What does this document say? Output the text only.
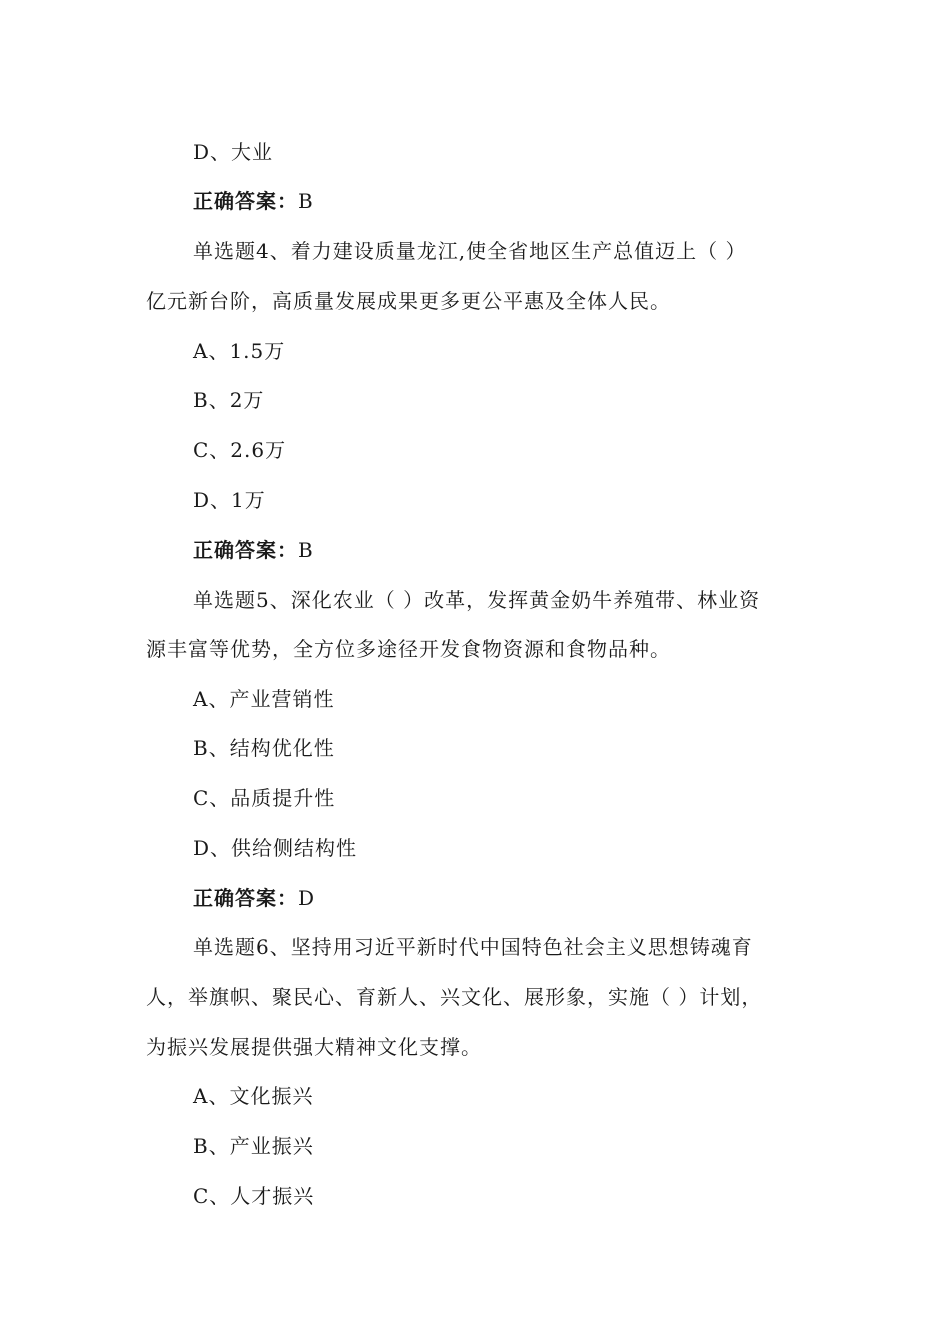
D、大业
正确答案：B
单选题4、着力建设质量龙江,使全省地区生产总值迈上（ ）
亿元新台阶，高质量发展成果更多更公平惠及全体人民。
A、1.5万
B、2万
C、2.6万
D、1万
正确答案：B
单选题5、深化农业（ ）改革，发挥黄金奶牛养殖带、林业资
源丰富等优势，全方位多途径开发食物资源和食物品种。
A、产业营销性
B、结构优化性
C、品质提升性
D、供给侧结构性
正确答案：D
单选题6、坚持用习近平新时代中国特色社会主义思想铸魂育
人，举旗帜、聚民心、育新人、兴文化、展形象，实施（ ）计划，
为振兴发展提供强大精神文化支撑。
A、文化振兴
B、产业振兴
C、人才振兴
